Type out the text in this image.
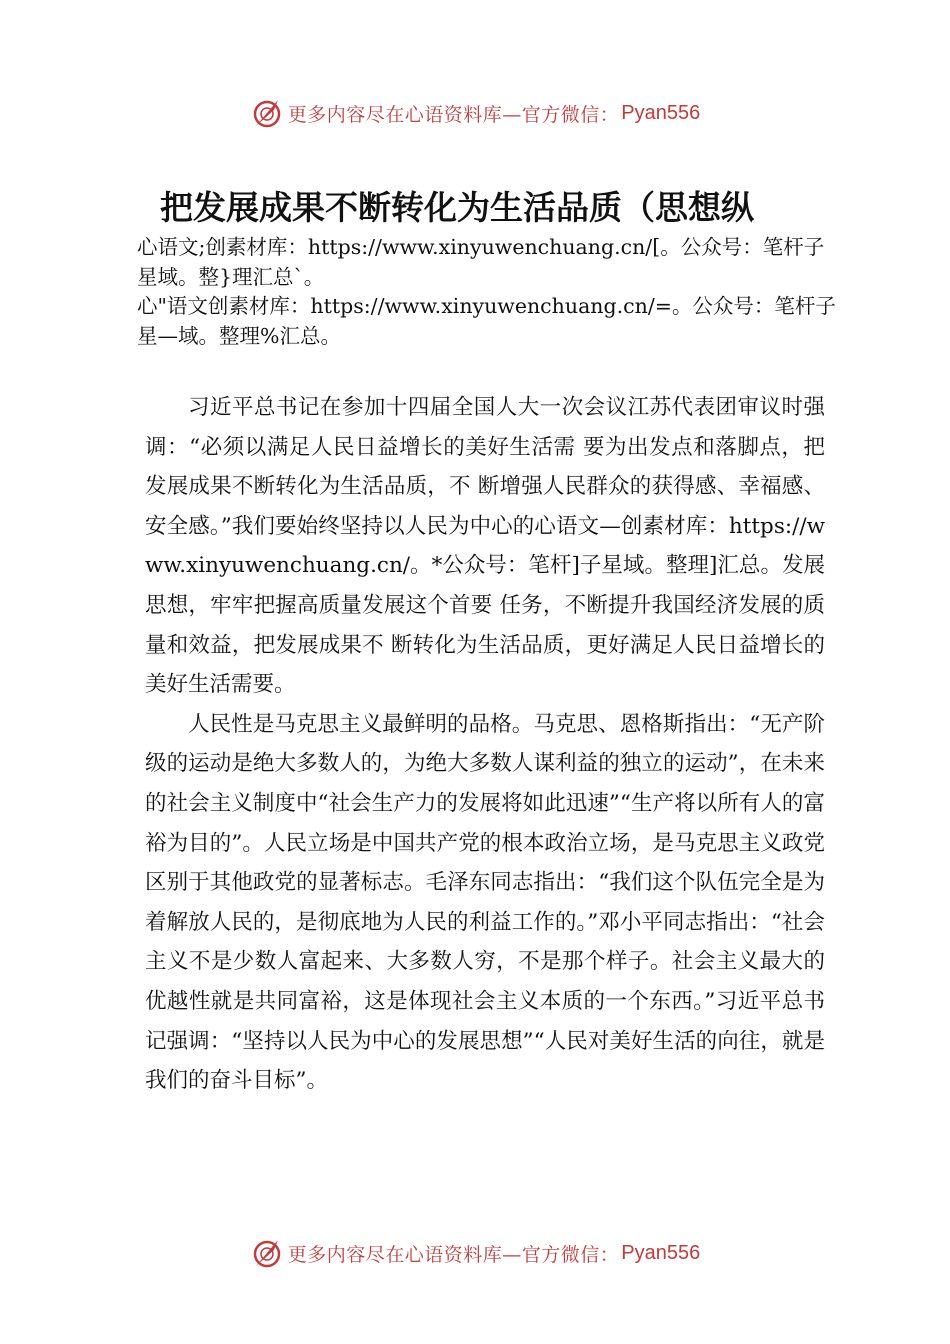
更多内容尽在心语资料库—官方微信： Pyan556
把发展成果不断转化为生活品质（思想纵

心语文;创素材库：https://www.xinyuwenchuang.cn/[。公众号：笔杆子星域。整}理汇总`。

心"语文创素材库：https://www.xinyuwenchuang.cn/=。公众号：笔杆子星—域。整理%汇总。

习近平总书记在参加十四届全国人大一次会议江苏代表团审议时强调：“必须以满足人民日益增长的美好生活需 要为出发点和落脚点，把发展成果不断转化为生活品质，不 断增强人民群众的获得感、幸福感、安全感。”我们要始终坚持以人民为中心的心语文—创素材库：https://www.xinyuwenchuang.cn/。*公众号：笔杆]子星域。整理]汇总。发展思想，牢牢把握高质量发展这个首要 任务，不断提升我国经济发展的质量和效益，把发展成果不 断转化为生活品质，更好满足人民日益增长的美好生活需要。

人民性是马克思主义最鲜明的品格。马克思、恩格斯指出：“无产阶级的运动是绝大多数人的，为绝大多数人谋利益的独立的运动”，在未来的社会主义制度中“社会生产力的发展将如此迅速”“生产将以所有人的富裕为目的”。人民立场是中国共产党的根本政治立场，是马克思主义政党区别于其他政党的显著标志。毛泽东同志指出：“我们这个队伍完全是为着解放人民的，是彻底地为人民的利益工作的。”邓小平同志指出：“社会主义不是少数人富起来、大多数人穷，不是那个样子。社会主义最大的优越性就是共同富裕，这是体现社会主义本质的一个东西。”习近平总书记强调：“坚持以人民为中心的发展思想”“人民对美好生活的向往，就是我们的奋斗目标”。

更多内容尽在心语资料库—官方微信： Pyan556
